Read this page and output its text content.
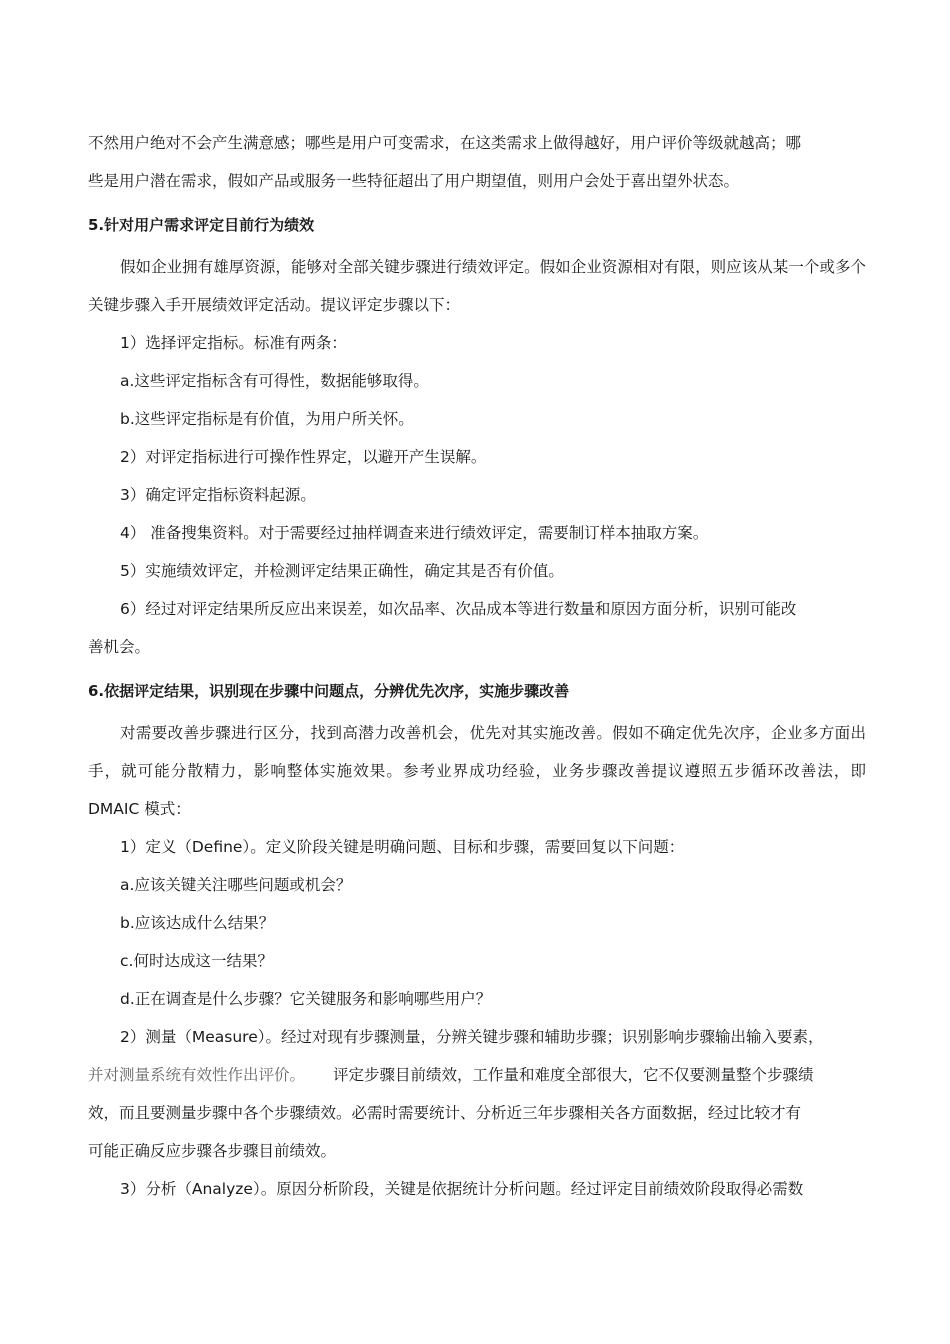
不然用户绝对不会产生满意感；哪些是用户可变需求，在这类需求上做得越好，用户评价等级就越高；哪

些是用户潜在需求，假如产品或服务一些特征超出了用户期望值，则用户会处于喜出望外状态。

5.针对用户需求评定目前行为绩效

假如企业拥有雄厚资源，能够对全部关键步骤进行绩效评定。假如企业资源相对有限，则应该从某一个或多个关键步骤入手开展绩效评定活动。提议评定步骤以下：

1）选择评定指标。标准有两条：

a.这些评定指标含有可得性，数据能够取得。

b.这些评定指标是有价值，为用户所关怀。

2）对评定指标进行可操作性界定，以避开产生误解。

3）确定评定指标资料起源。

4） 准备搜集资料。对于需要经过抽样调查来进行绩效评定，需要制订样本抽取方案。

5）实施绩效评定，并检测评定结果正确性，确定其是否有价值。

6）经过对评定结果所反应出来误差，如次品率、次品成本等进行数量和原因方面分析，识别可能改

善机会。

6.依据评定结果，识别现在步骤中问题点，分辨优先次序，实施步骤改善

对需要改善步骤进行区分，找到高潜力改善机会，优先对其实施改善。假如不确定优先次序，企业多方面出手，就可能分散精力，影响整体实施效果。参考业界成功经验，业务步骤改善提议遵照五步循环改善法，即 DMAIC 模式：

1）定义（Define）。定义阶段关键是明确问题、目标和步骤，需要回复以下问题：

a.应该关键关注哪些问题或机会？

b.应该达成什么结果？

c.何时达成这一结果？

d.正在调查是什么步骤？它关键服务和影响哪些用户？

2）测量（Measure）。经过对现有步骤测量，分辨关键步骤和辅助步骤；识别影响步骤输出输入要素，

并对测量系统有效性作出评价。 评定步骤目前绩效，工作量和难度全部很大，它不仅要测量整个步骤绩

效，而且要测量步骤中各个步骤绩效。必需时需要统计、分析近三年步骤相关各方面数据，经过比较才有

可能正确反应步骤各步骤目前绩效。

3）分析（Analyze）。原因分析阶段，关键是依据统计分析问题。经过评定目前绩效阶段取得必需数
